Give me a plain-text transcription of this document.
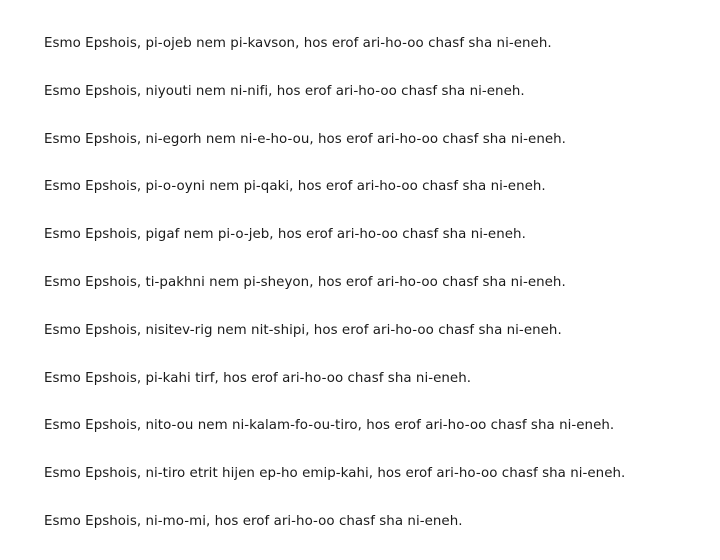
Esmo Epshois, pi-ojeb nem pi-kavson, hos erof ari-ho-oo chasf sha ni-eneh.
Esmo Epshois, niyouti nem ni-nifi, hos erof ari-ho-oo chasf sha ni-eneh.
Esmo Epshois, ni-egorh nem ni-e-ho-ou, hos erof ari-ho-oo chasf sha ni-eneh.
Esmo Epshois, pi-o-oyni nem pi-qaki, hos erof ari-ho-oo chasf sha ni-eneh.
Esmo Epshois, pigaf nem pi-o-jeb, hos erof ari-ho-oo chasf sha ni-eneh.
Esmo Epshois, ti-pakhni nem pi-sheyon, hos erof ari-ho-oo chasf sha ni-eneh.
Esmo Epshois, nisitev-rig nem nit-shipi, hos erof ari-ho-oo chasf sha ni-eneh.
Esmo Epshois, pi-kahi tirf, hos erof ari-ho-oo chasf sha ni-eneh.
Esmo Epshois, nito-ou nem ni-kalam-fo-ou-tiro, hos erof ari-ho-oo chasf sha ni-eneh.
Esmo Epshois, ni-tiro etrit hijen ep-ho emip-kahi, hos erof ari-ho-oo chasf sha ni-eneh.
Esmo Epshois, ni-mo-mi, hos erof ari-ho-oo chasf sha ni-eneh.
